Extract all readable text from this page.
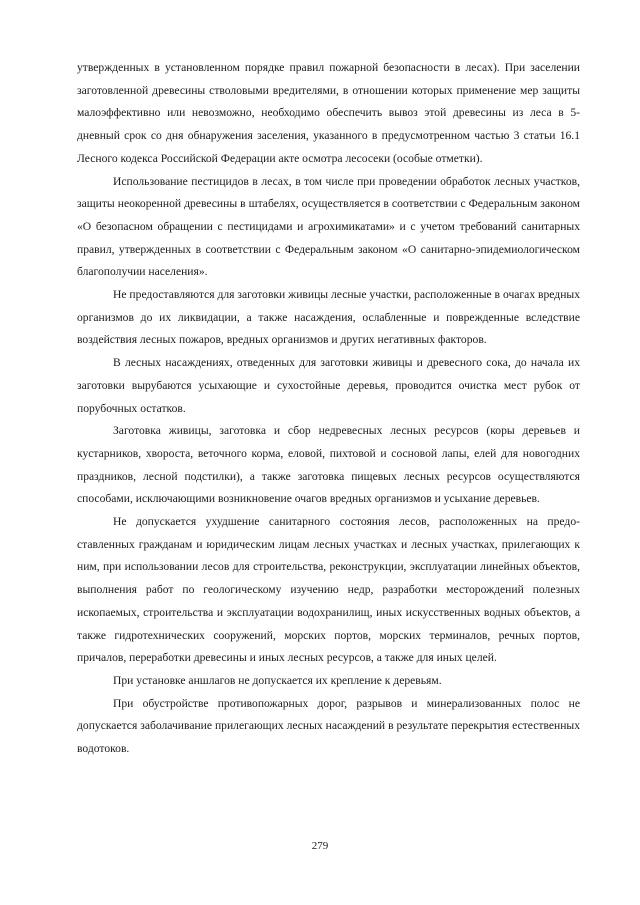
утвержденных в установленном порядке правил пожарной безопасности в лесах). При заселении заготовленной древесины стволовыми вредителями, в отношении которых применение мер защиты малоэффективно или невозможно, необходимо обеспечить вывоз этой древесины из леса в 5-дневный срок со дня обнаружения заселения, указанного в предусмотренном частью 3 статьи 16.1 Лесного кодекса Российской Федерации акте осмотра лесосеки (особые отметки).

Использование пестицидов в лесах, в том числе при проведении обработок лесных участков, защиты неокоренной древесины в штабелях, осуществляется в соответствии с Федеральным законом «О безопасном обращении с пестицидами и агрохимикатами» и с учетом требований санитарных правил, утвержденных в соответствии с Федеральным законом «О санитарно-эпидемиологическом благополучии населения».

Не предоставляются для заготовки живицы лесные участки, расположенные в очагах вредных организмов до их ликвидации, а также насаждения, ослабленные и поврежденные вследствие воздействия лесных пожаров, вредных организмов и других негативных факторов.

В лесных насаждениях, отведенных для заготовки живицы и древесного сока, до начала их заготовки вырубаются усыхающие и сухостойные деревья, проводится очистка мест рубок от порубочных остатков.

Заготовка живицы, заготовка и сбор недревесных лесных ресурсов (коры деревьев и кустарников, хвороста, веточного корма, еловой, пихтовой и сосновой лапы, елей для новогодних праздников, лесной подстилки), а также заготовка пищевых лесных ресурсов осуществляются способами, исключающими возникновение очагов вредных организмов и усыхание деревьев.

Не допускается ухудшение санитарного состояния лесов, расположенных на предоставленных гражданам и юридическим лицам лесных участках и лесных участках, прилегающих к ним, при использовании лесов для строительства, реконструкции, эксплуатации линейных объектов, выполнения работ по геологическому изучению недр, разработки месторождений полезных ископаемых, строительства и эксплуатации водохранилищ, иных искусственных водных объектов, а также гидротехнических сооружений, морских портов, морских терминалов, речных портов, причалов, переработки древесины и иных лесных ресурсов, а также для иных целей.

При установке аншлагов не допускается их крепление к деревьям.

При обустройстве противопожарных дорог, разрывов и минерализованных полос не допускается заболачивание прилегающих лесных насаждений в результате перекрытия естественных водотоков.

279
